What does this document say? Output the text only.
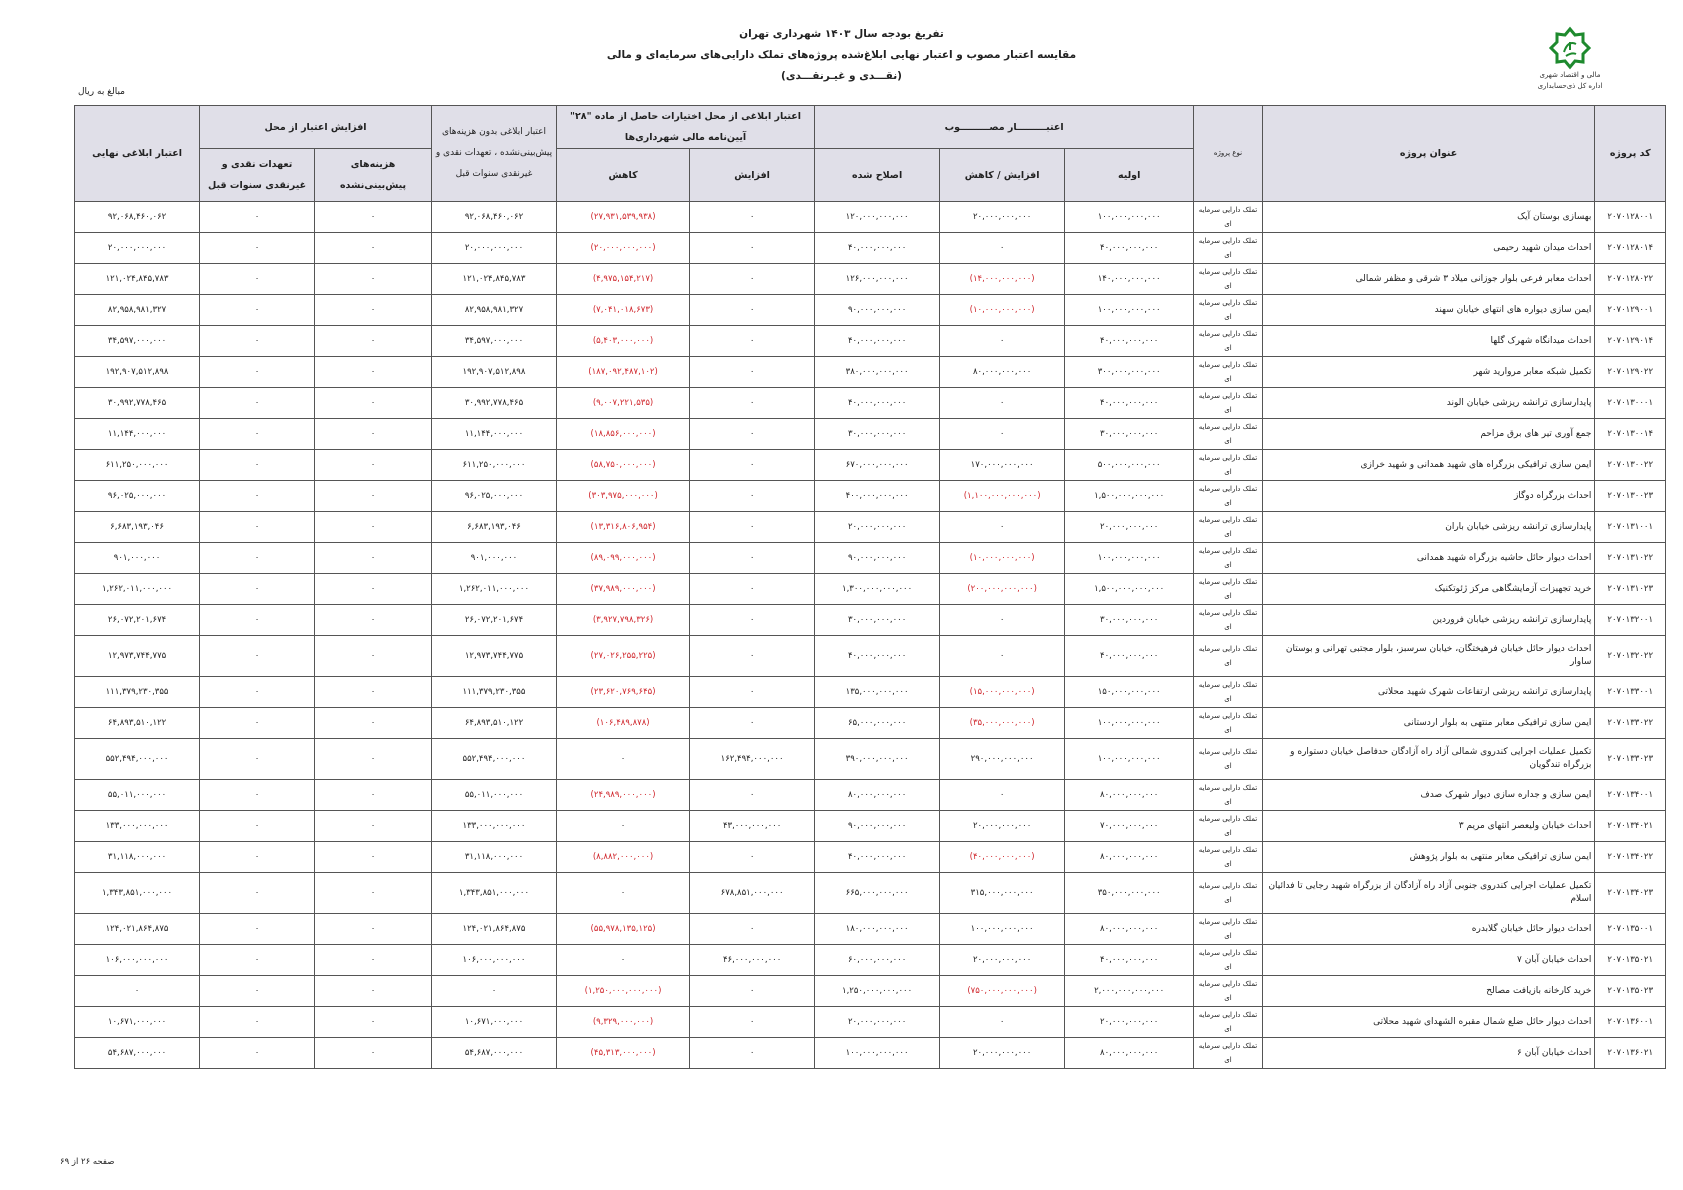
تفریغ بودجه سال ۱۴۰۳ شهرداری تهران
مقایسه اعتبار مصوب و اعتبار نهایی ابلاغ‌شده پروژه‌های تملک دارایی‌های سرمایه‌ای و مالی
(نقـــدی و غیـرنقـــدی)	مالی و اقتصاد شهری
اداره کل ذی‌حسابداری
مبالغ به ریال
کد پروژه	عنوان پروژه	نوع پروژه	اعتبـــــــــار مصـــــــــوب			اعتبار ابلاغی از محل اختیارات حاصل از ماده "۲۸" آیین‌نامه مالی شهرداری‌ها		اعتبار ابلاغی بدون هزینه‌های پیش‌بینی‌نشده ، تعهدات نقدی و غیرنقدی سنوات قبل	افزایش اعتبار از محل		اعتبار ابلاغی نهایی
			اولیه	افزایش / کاهش	اصلاح شده	افزایش	کاهش		هزینه‌های پیش‌بینی‌نشده	تعهدات نقدی و غیرنقدی سنوات قبل	
۲۰۷۰۱۲۸۰۰۱	بهسازی بوستان آیک	تملک دارایی سرمایه ای	۱۰۰,۰۰۰,۰۰۰,۰۰۰	۲۰,۰۰۰,۰۰۰,۰۰۰	۱۲۰,۰۰۰,۰۰۰,۰۰۰	۰	(۲۷,۹۳۱,۵۳۹,۹۳۸)	۹۲,۰۶۸,۴۶۰,۰۶۲	۰	۰	۹۲,۰۶۸,۴۶۰,۰۶۲
۲۰۷۰۱۲۸۰۱۴	احداث میدان شهید رحیمی	تملک دارایی سرمایه ای	۴۰,۰۰۰,۰۰۰,۰۰۰	۰	۴۰,۰۰۰,۰۰۰,۰۰۰	۰	(۲۰,۰۰۰,۰۰۰,۰۰۰)	۲۰,۰۰۰,۰۰۰,۰۰۰	۰	۰	۲۰,۰۰۰,۰۰۰,۰۰۰
۲۰۷۰۱۲۸۰۲۲	احداث معابر فرعی بلوار جوزانی میلاد ۳ شرقی و مظفر شمالی	تملک دارایی سرمایه ای	۱۴۰,۰۰۰,۰۰۰,۰۰۰	(۱۴,۰۰۰,۰۰۰,۰۰۰)	۱۲۶,۰۰۰,۰۰۰,۰۰۰	۰	(۴,۹۷۵,۱۵۴,۲۱۷)	۱۲۱,۰۲۴,۸۴۵,۷۸۳	۰	۰	۱۲۱,۰۲۴,۸۴۵,۷۸۳
۲۰۷۰۱۲۹۰۰۱	ایمن سازی دیواره های انتهای خیابان سهند	تملک دارایی سرمایه ای	۱۰۰,۰۰۰,۰۰۰,۰۰۰	(۱۰,۰۰۰,۰۰۰,۰۰۰)	۹۰,۰۰۰,۰۰۰,۰۰۰	۰	(۷,۰۴۱,۰۱۸,۶۷۳)	۸۲,۹۵۸,۹۸۱,۳۲۷	۰	۰	۸۲,۹۵۸,۹۸۱,۳۲۷
۲۰۷۰۱۲۹۰۱۴	احداث میدانگاه شهرک گلها	تملک دارایی سرمایه ای	۴۰,۰۰۰,۰۰۰,۰۰۰	۰	۴۰,۰۰۰,۰۰۰,۰۰۰	۰	(۵,۴۰۳,۰۰۰,۰۰۰)	۳۴,۵۹۷,۰۰۰,۰۰۰	۰	۰	۳۴,۵۹۷,۰۰۰,۰۰۰
۲۰۷۰۱۲۹۰۲۲	تکمیل شبکه معابر مروارید شهر	تملک دارایی سرمایه ای	۳۰۰,۰۰۰,۰۰۰,۰۰۰	۸۰,۰۰۰,۰۰۰,۰۰۰	۳۸۰,۰۰۰,۰۰۰,۰۰۰	۰	(۱۸۷,۰۹۲,۴۸۷,۱۰۲)	۱۹۲,۹۰۷,۵۱۲,۸۹۸	۰	۰	۱۹۲,۹۰۷,۵۱۲,۸۹۸
۲۰۷۰۱۳۰۰۰۱	پایدارسازی ترانشه ریزشی خیابان الوند	تملک دارایی سرمایه ای	۴۰,۰۰۰,۰۰۰,۰۰۰	۰	۴۰,۰۰۰,۰۰۰,۰۰۰	۰	(۹,۰۰۷,۲۲۱,۵۳۵)	۳۰,۹۹۲,۷۷۸,۴۶۵	۰	۰	۳۰,۹۹۲,۷۷۸,۴۶۵
۲۰۷۰۱۳۰۰۱۴	جمع آوری تیر های برق مزاحم	تملک دارایی سرمایه ای	۳۰,۰۰۰,۰۰۰,۰۰۰	۰	۳۰,۰۰۰,۰۰۰,۰۰۰	۰	(۱۸,۸۵۶,۰۰۰,۰۰۰)	۱۱,۱۴۴,۰۰۰,۰۰۰	۰	۰	۱۱,۱۴۴,۰۰۰,۰۰۰
۲۰۷۰۱۳۰۰۲۲	ایمن سازی ترافیکی بزرگراه های شهید همدانی و شهید خرازی	تملک دارایی سرمایه ای	۵۰۰,۰۰۰,۰۰۰,۰۰۰	۱۷۰,۰۰۰,۰۰۰,۰۰۰	۶۷۰,۰۰۰,۰۰۰,۰۰۰	۰	(۵۸,۷۵۰,۰۰۰,۰۰۰)	۶۱۱,۲۵۰,۰۰۰,۰۰۰	۰	۰	۶۱۱,۲۵۰,۰۰۰,۰۰۰
۲۰۷۰۱۳۰۰۲۳	احداث بزرگراه دوگاز	تملک دارایی سرمایه ای	۱,۵۰۰,۰۰۰,۰۰۰,۰۰۰	(۱,۱۰۰,۰۰۰,۰۰۰,۰۰۰)	۴۰۰,۰۰۰,۰۰۰,۰۰۰	۰	(۳۰۳,۹۷۵,۰۰۰,۰۰۰)	۹۶,۰۲۵,۰۰۰,۰۰۰	۰	۰	۹۶,۰۲۵,۰۰۰,۰۰۰
۲۰۷۰۱۳۱۰۰۱	پایدارسازی ترانشه ریزشی خیابان باران	تملک دارایی سرمایه ای	۲۰,۰۰۰,۰۰۰,۰۰۰	۰	۲۰,۰۰۰,۰۰۰,۰۰۰	۰	(۱۳,۳۱۶,۸۰۶,۹۵۴)	۶,۶۸۳,۱۹۳,۰۴۶	۰	۰	۶,۶۸۳,۱۹۳,۰۴۶
۲۰۷۰۱۳۱۰۲۲	احداث دیوار حائل حاشیه بزرگراه شهید همدانی	تملک دارایی سرمایه ای	۱۰۰,۰۰۰,۰۰۰,۰۰۰	(۱۰,۰۰۰,۰۰۰,۰۰۰)	۹۰,۰۰۰,۰۰۰,۰۰۰	۰	(۸۹,۰۹۹,۰۰۰,۰۰۰)	۹۰۱,۰۰۰,۰۰۰	۰	۰	۹۰۱,۰۰۰,۰۰۰
۲۰۷۰۱۳۱۰۲۳	خرید تجهیزات آزمایشگاهی مرکز ژئوتکنیک	تملک دارایی سرمایه ای	۱,۵۰۰,۰۰۰,۰۰۰,۰۰۰	(۲۰۰,۰۰۰,۰۰۰,۰۰۰)	۱,۳۰۰,۰۰۰,۰۰۰,۰۰۰	۰	(۳۷,۹۸۹,۰۰۰,۰۰۰)	۱,۲۶۲,۰۱۱,۰۰۰,۰۰۰	۰	۰	۱,۲۶۲,۰۱۱,۰۰۰,۰۰۰
۲۰۷۰۱۳۲۰۰۱	پایدارسازی ترانشه ریزشی خیابان فروردین	تملک دارایی سرمایه ای	۳۰,۰۰۰,۰۰۰,۰۰۰	۰	۳۰,۰۰۰,۰۰۰,۰۰۰	۰	(۳,۹۲۷,۷۹۸,۳۲۶)	۲۶,۰۷۲,۲۰۱,۶۷۴	۰	۰	۲۶,۰۷۲,۲۰۱,۶۷۴
۲۰۷۰۱۳۲۰۲۲	احداث دیوار حائل خیابان فرهیختگان، خیابان سرسبز، بلوار مجتبی تهرانی و بوستان ساوار	تملک دارایی سرمایه ای	۴۰,۰۰۰,۰۰۰,۰۰۰	۰	۴۰,۰۰۰,۰۰۰,۰۰۰	۰	(۲۷,۰۲۶,۲۵۵,۲۲۵)	۱۲,۹۷۳,۷۴۴,۷۷۵	۰	۰	۱۲,۹۷۳,۷۴۴,۷۷۵
۲۰۷۰۱۳۳۰۰۱	پایدارسازی ترانشه ریزشی ارتفاعات شهرک شهید محلاتی	تملک دارایی سرمایه ای	۱۵۰,۰۰۰,۰۰۰,۰۰۰	(۱۵,۰۰۰,۰۰۰,۰۰۰)	۱۳۵,۰۰۰,۰۰۰,۰۰۰	۰	(۲۳,۶۲۰,۷۶۹,۶۴۵)	۱۱۱,۳۷۹,۲۳۰,۳۵۵	۰	۰	۱۱۱,۳۷۹,۲۳۰,۳۵۵
۲۰۷۰۱۳۳۰۲۲	ایمن سازی ترافیکی معابر منتهی به بلوار اردستانی	تملک دارایی سرمایه ای	۱۰۰,۰۰۰,۰۰۰,۰۰۰	(۳۵,۰۰۰,۰۰۰,۰۰۰)	۶۵,۰۰۰,۰۰۰,۰۰۰	۰	(۱۰۶,۴۸۹,۸۷۸)	۶۴,۸۹۳,۵۱۰,۱۲۲	۰	۰	۶۴,۸۹۳,۵۱۰,۱۲۲
۲۰۷۰۱۳۳۰۲۳	تکمیل عملیات اجرایی کندروی شمالی آزاد راه آزادگان حدفاصل خیابان دستواره و بزرگراه تندگویان	تملک دارایی سرمایه ای	۱۰۰,۰۰۰,۰۰۰,۰۰۰	۲۹۰,۰۰۰,۰۰۰,۰۰۰	۳۹۰,۰۰۰,۰۰۰,۰۰۰	۱۶۲,۴۹۴,۰۰۰,۰۰۰	۰	۵۵۲,۴۹۴,۰۰۰,۰۰۰	۰	۰	۵۵۲,۴۹۴,۰۰۰,۰۰۰
۲۰۷۰۱۳۴۰۰۱	ایمن سازی و جداره سازی دیوار شهرک صدف	تملک دارایی سرمایه ای	۸۰,۰۰۰,۰۰۰,۰۰۰	۰	۸۰,۰۰۰,۰۰۰,۰۰۰	۰	(۲۴,۹۸۹,۰۰۰,۰۰۰)	۵۵,۰۱۱,۰۰۰,۰۰۰	۰	۰	۵۵,۰۱۱,۰۰۰,۰۰۰
۲۰۷۰۱۳۴۰۲۱	احداث خیابان ولیعصر انتهای مریم ۳	تملک دارایی سرمایه ای	۷۰,۰۰۰,۰۰۰,۰۰۰	۲۰,۰۰۰,۰۰۰,۰۰۰	۹۰,۰۰۰,۰۰۰,۰۰۰	۴۳,۰۰۰,۰۰۰,۰۰۰	۰	۱۳۳,۰۰۰,۰۰۰,۰۰۰	۰	۰	۱۳۳,۰۰۰,۰۰۰,۰۰۰
۲۰۷۰۱۳۴۰۲۲	ایمن سازی ترافیکی معابر منتهی به بلوار پژوهش	تملک دارایی سرمایه ای	۸۰,۰۰۰,۰۰۰,۰۰۰	(۴۰,۰۰۰,۰۰۰,۰۰۰)	۴۰,۰۰۰,۰۰۰,۰۰۰	۰	(۸,۸۸۲,۰۰۰,۰۰۰)	۳۱,۱۱۸,۰۰۰,۰۰۰	۰	۰	۳۱,۱۱۸,۰۰۰,۰۰۰
۲۰۷۰۱۳۴۰۲۳	تکمیل عملیات اجرایی کندروی جنوبی آزاد راه آزادگان از بزرگراه شهید رجایی تا فدائیان اسلام	تملک دارایی سرمایه ای	۳۵۰,۰۰۰,۰۰۰,۰۰۰	۳۱۵,۰۰۰,۰۰۰,۰۰۰	۶۶۵,۰۰۰,۰۰۰,۰۰۰	۶۷۸,۸۵۱,۰۰۰,۰۰۰	۰	۱,۳۴۳,۸۵۱,۰۰۰,۰۰۰	۰	۰	۱,۳۴۳,۸۵۱,۰۰۰,۰۰۰
۲۰۷۰۱۳۵۰۰۱	احداث دیوار حائل خیابان گلابدره	تملک دارایی سرمایه ای	۸۰,۰۰۰,۰۰۰,۰۰۰	۱۰۰,۰۰۰,۰۰۰,۰۰۰	۱۸۰,۰۰۰,۰۰۰,۰۰۰	۰	(۵۵,۹۷۸,۱۳۵,۱۲۵)	۱۲۴,۰۲۱,۸۶۴,۸۷۵	۰	۰	۱۲۴,۰۲۱,۸۶۴,۸۷۵
۲۰۷۰۱۳۵۰۲۱	احداث خیابان آبان ۷	تملک دارایی سرمایه ای	۴۰,۰۰۰,۰۰۰,۰۰۰	۲۰,۰۰۰,۰۰۰,۰۰۰	۶۰,۰۰۰,۰۰۰,۰۰۰	۴۶,۰۰۰,۰۰۰,۰۰۰	۰	۱۰۶,۰۰۰,۰۰۰,۰۰۰	۰	۰	۱۰۶,۰۰۰,۰۰۰,۰۰۰
۲۰۷۰۱۳۵۰۲۳	خرید کارخانه بازیافت مصالح	تملک دارایی سرمایه ای	۲,۰۰۰,۰۰۰,۰۰۰,۰۰۰	(۷۵۰,۰۰۰,۰۰۰,۰۰۰)	۱,۲۵۰,۰۰۰,۰۰۰,۰۰۰	۰	(۱,۲۵۰,۰۰۰,۰۰۰,۰۰۰)	۰	۰	۰	۰
۲۰۷۰۱۳۶۰۰۱	احداث دیوار حائل ضلع شمال مقبره الشهدای شهید محلاتی	تملک دارایی سرمایه ای	۲۰,۰۰۰,۰۰۰,۰۰۰	۰	۲۰,۰۰۰,۰۰۰,۰۰۰	۰	(۹,۳۲۹,۰۰۰,۰۰۰)	۱۰,۶۷۱,۰۰۰,۰۰۰	۰	۰	۱۰,۶۷۱,۰۰۰,۰۰۰
۲۰۷۰۱۳۶۰۲۱	احداث خیابان آبان ۶	تملک دارایی سرمایه ای	۸۰,۰۰۰,۰۰۰,۰۰۰	۲۰,۰۰۰,۰۰۰,۰۰۰	۱۰۰,۰۰۰,۰۰۰,۰۰۰	۰	(۴۵,۳۱۳,۰۰۰,۰۰۰)	۵۴,۶۸۷,۰۰۰,۰۰۰	۰	۰	۵۴,۶۸۷,۰۰۰,۰۰۰
صفحه ۲۶ از ۶۹
